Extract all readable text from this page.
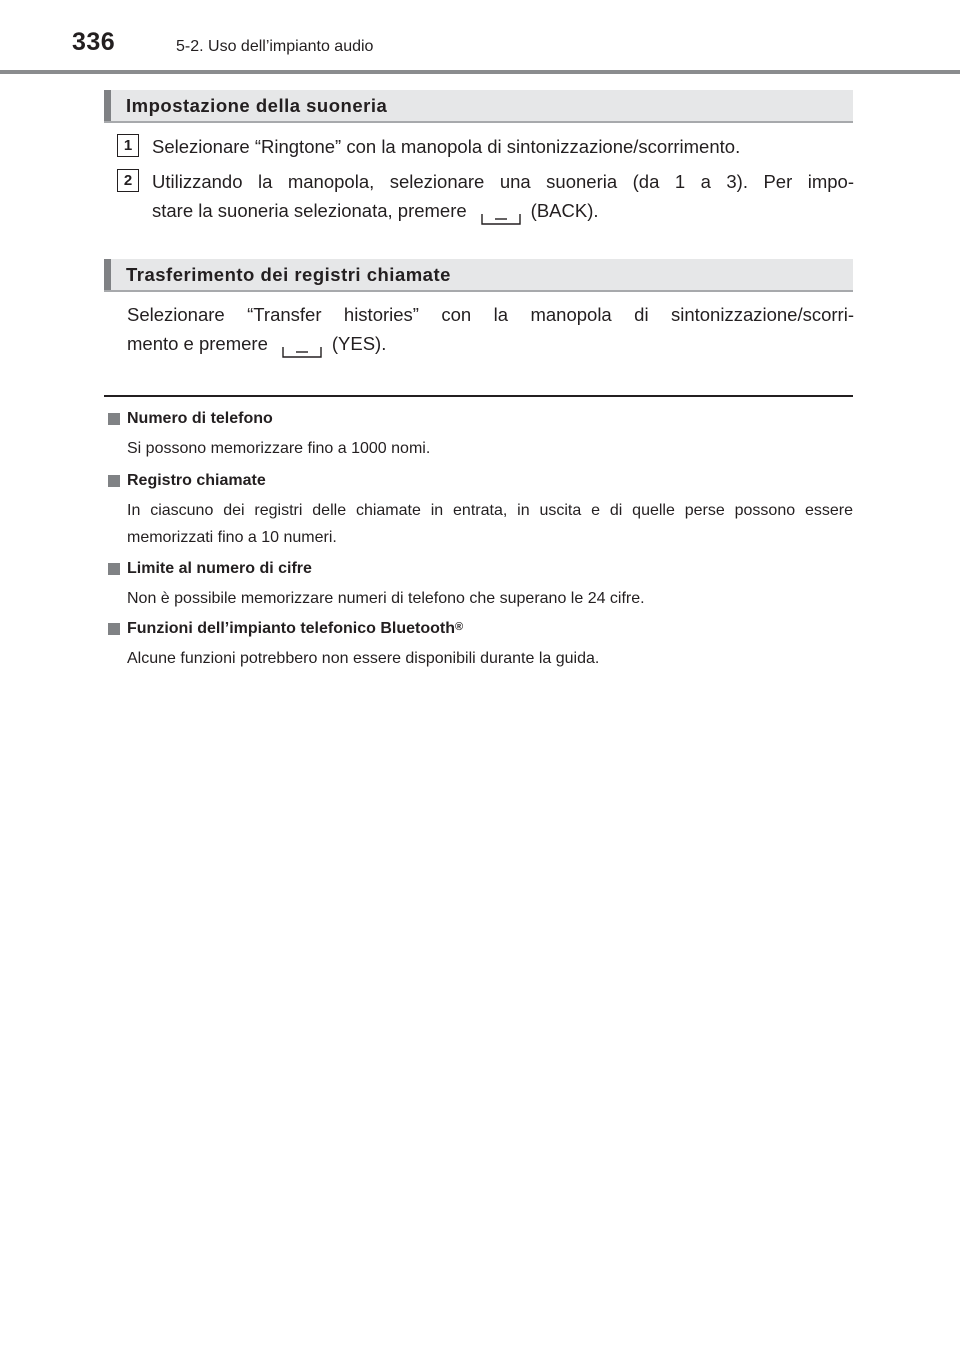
336	5-2. Uso dell’impianto audio
Impostazione della suoneria
1	Selezionare “Ringtone” con la manopola di sintonizzazione/scorrimento.
2	Utilizzando la manopola, selezionare una suoneria (da 1 a 3). Per impo-
stare la suoneria selezionata, premere	(BACK).
Trasferimento dei registri chiamate
Selezionare “Transfer histories” con la manopola di sintonizzazione/scorri-
mento e premere	(YES).
Numero di telefono
Si possono memorizzare fino a 1000 nomi.
Registro chiamate
In ciascuno dei registri delle chiamate in entrata, in uscita e di quelle perse possono essere memorizzati fino a 10 numeri.
Limite al numero di cifre
Non è possibile memorizzare numeri di telefono che superano le 24 cifre.
Funzioni dell’impianto telefonico Bluetooth®
Alcune funzioni potrebbero non essere disponibili durante la guida.
